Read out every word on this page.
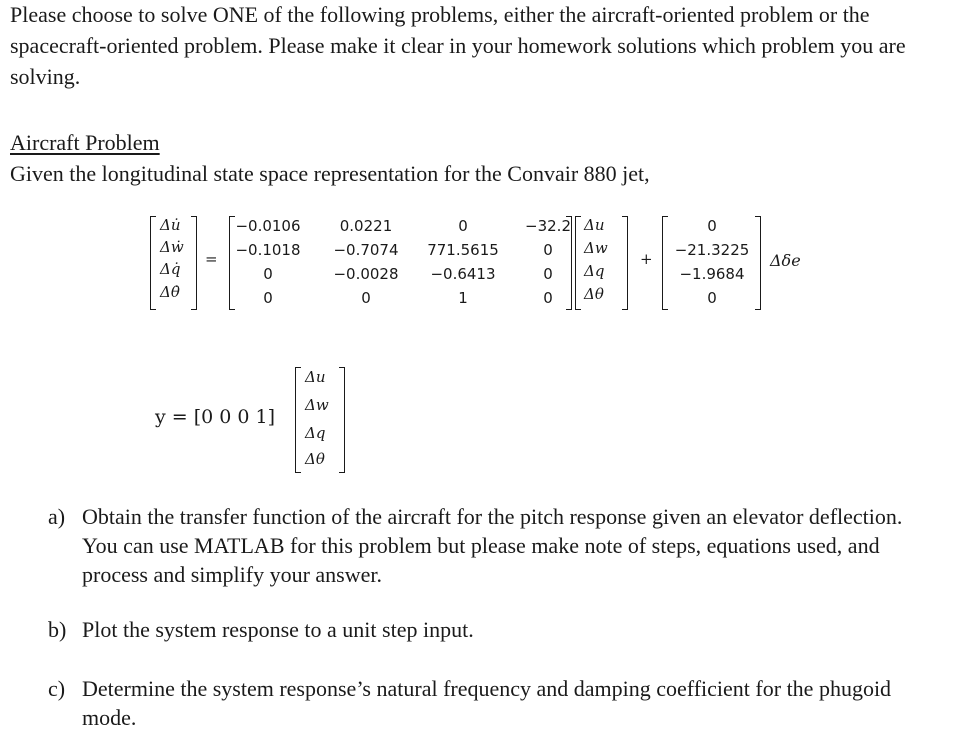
Please choose to solve ONE of the following problems, either the aircraft-oriented problem or the spacecraft-oriented problem. Please make it clear in your homework solutions which problem you are solving.
Aircraft Problem
Given the longitudinal state space representation for the Convair 880 jet,
Δu̇
Δẇ
Δq̇
Δθ̇
=
−0.0106	0.0221	0	−32.2
−0.1018 −0.7074 771.5615	0
0	−0.0028 −0.6413	0
0	0	1	0
Δu
Δw
Δq
Δθ
+
0
−21.3225
−1.9684
0
Δδe
y = [0 0 0 1]
Δu
Δw
Δq
Δθ
a) Obtain the transfer function of the aircraft for the pitch response given an elevator deflection. You can use MATLAB for this problem but please make note of steps, equations used, and process and simplify your answer.
b) Plot the system response to a unit step input.
c) Determine the system response’s natural frequency and damping coefficient for the phugoid mode.
